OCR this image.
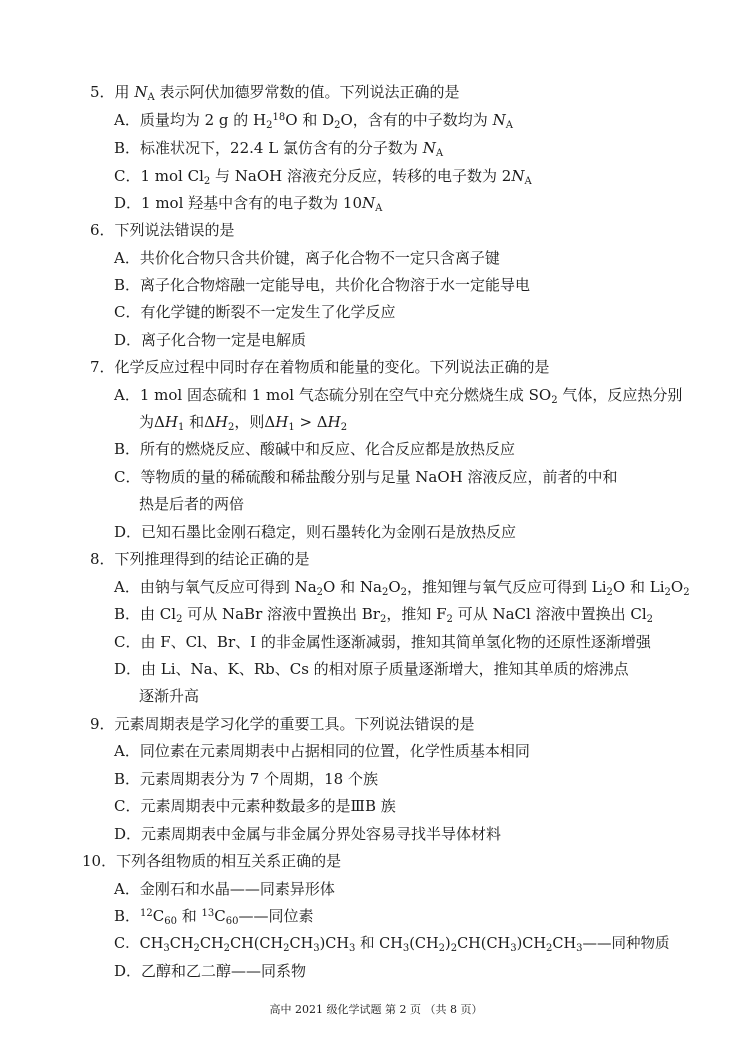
5．用 $N_A$ 表示阿伏加德罗常数的值。下列说法正确的是
A．质量均为 2 g 的 $H_2^{18}O$ 和 $D_2O$，含有的中子数均为 $N_A$
B．标准状况下，22.4 L 氯仿含有的分子数为 $N_A$
C．1 mol $Cl_2$ 与 NaOH 溶液充分反应，转移的电子数为 $2N_A$
D．1 mol 羟基中含有的电子数为 $10N_A$
6．下列说法错误的是
A．共价化合物只含共价键，离子化合物不一定只含离子键
B．离子化合物熔融一定能导电，共价化合物溶于水一定能导电
C．有化学键的断裂不一定发生了化学反应
D．离子化合物一定是电解质
7．化学反应过程中同时存在着物质和能量的变化。下列说法正确的是
A．1 mol 固态硫和 1 mol 气态硫分别在空气中充分燃烧生成 $SO_2$ 气体，反应热分别
为$\Delta H_1$ 和$\Delta H_2$，则$\Delta H_1 > \Delta H_2$
B．所有的燃烧反应、酸碱中和反应、化合反应都是放热反应
C．等物质的量的稀硫酸和稀盐酸分别与足量 NaOH 溶液反应，前者的中和
热是后者的两倍
D．已知石墨比金刚石稳定，则石墨转化为金刚石是放热反应
8．下列推理得到的结论正确的是
A．由钠与氧气反应可得到 $Na_2O$ 和 $Na_2O_2$，推知锂与氧气反应可得到 $Li_2O$ 和 $Li_2O_2$
B．由 $Cl_2$ 可从 NaBr 溶液中置换出 $Br_2$，推知 $F_2$ 可从 NaCl 溶液中置换出 $Cl_2$
C．由 F、Cl、Br、I 的非金属性逐渐减弱，推知其简单氢化物的还原性逐渐增强
D．由 Li、Na、K、Rb、Cs 的相对原子质量逐渐增大，推知其单质的熔沸点
逐渐升高
9．元素周期表是学习化学的重要工具。下列说法错误的是
A．同位素在元素周期表中占据相同的位置，化学性质基本相同
B．元素周期表分为 7 个周期，18 个族
C．元素周期表中元素种数最多的是ⅢB 族
D．元素周期表中金属与非金属分界处容易寻找半导体材料
10．下列各组物质的相互关系正确的是
A．金刚石和水晶——同素异形体
B．$^{12}C_{60}$ 和 $^{13}C_{60}——$同位素
C．$CH_3CH_2CH_2CH(CH_2CH_3)CH_3$ 和 $CH_3(CH_2)_2CH(CH_3)CH_2CH_3——$同种物质
D．乙醇和乙二醇——同系物
高中 2021 级化学试题 第 2 页 （共 8 页）
